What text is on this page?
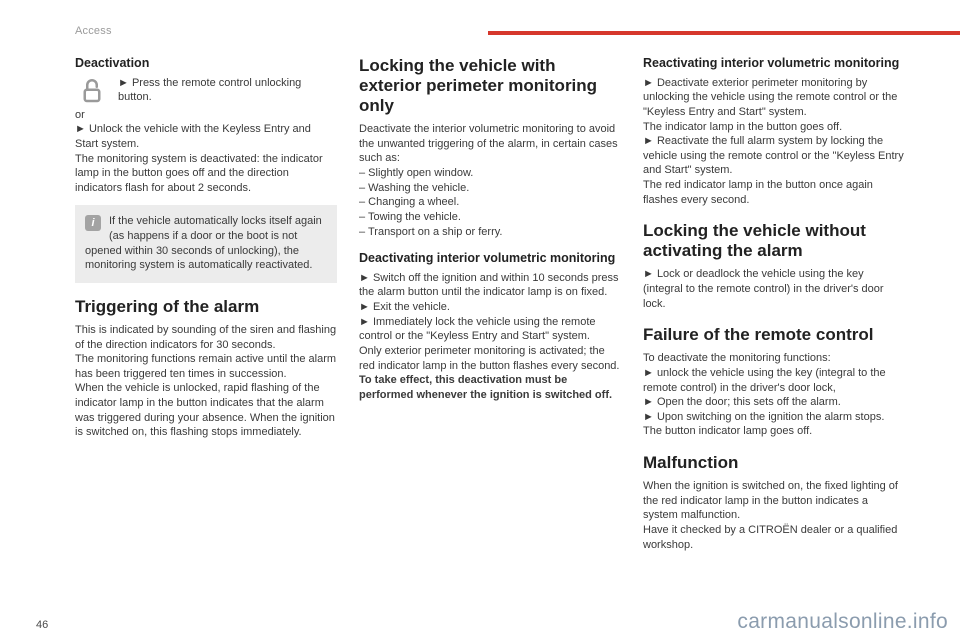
Access
Deactivation

► Press the remote control unlocking button.

or

► Unlock the vehicle with the Keyless Entry and Start system.

The monitoring system is deactivated: the indicator lamp in the button goes off and the direction indicators flash for about 2 seconds.

i	If the vehicle automatically locks itself again (as happens if a door or the boot is not opened within 30 seconds of unlocking), the monitoring system is automatically reactivated.
Triggering of the alarm

This is indicated by sounding of the siren and flashing of the direction indicators for 30 seconds.

The monitoring functions remain active until the alarm has been triggered ten times in succession.

When the vehicle is unlocked, rapid flashing of the indicator lamp in the button indicates that the alarm was triggered during your absence. When the ignition is switched on, this flashing stops immediately.

Locking the vehicle with exterior perimeter monitoring only

Deactivate the interior volumetric monitoring to avoid the unwanted triggering of the alarm, in certain cases such as:

– Slightly open window.

– Washing the vehicle.

– Changing a wheel.

– Towing the vehicle.

– Transport on a ship or ferry.

Deactivating interior volumetric monitoring

► Switch off the ignition and within 10 seconds press the alarm button until the indicator lamp is on fixed.

► Exit the vehicle.

► Immediately lock the vehicle using the remote control or the "Keyless Entry and Start" system.

Only exterior perimeter monitoring is activated; the red indicator lamp in the button flashes every second.

To take effect, this deactivation must be performed whenever the ignition is switched off.

Reactivating interior volumetric monitoring

► Deactivate exterior perimeter monitoring by unlocking the vehicle using the remote control or the "Keyless Entry and Start" system.

The indicator lamp in the button goes off.

► Reactivate the full alarm system by locking the vehicle using the remote control or the "Keyless Entry and Start" system.

The red indicator lamp in the button once again flashes every second.

Locking the vehicle without activating the alarm

► Lock or deadlock the vehicle using the key (integral to the remote control) in the driver's door lock.

Failure of the remote control

To deactivate the monitoring functions:

► unlock the vehicle using the key (integral to the remote control) in the driver's door lock,

► Open the door; this sets off the alarm.

► Upon switching on the ignition the alarm stops. The button indicator lamp goes off.

Malfunction

When the ignition is switched on, the fixed lighting of the red indicator lamp in the button indicates a system malfunction.

Have it checked by a CITROËN dealer or a qualified workshop.

46	carmanualsonline.info
